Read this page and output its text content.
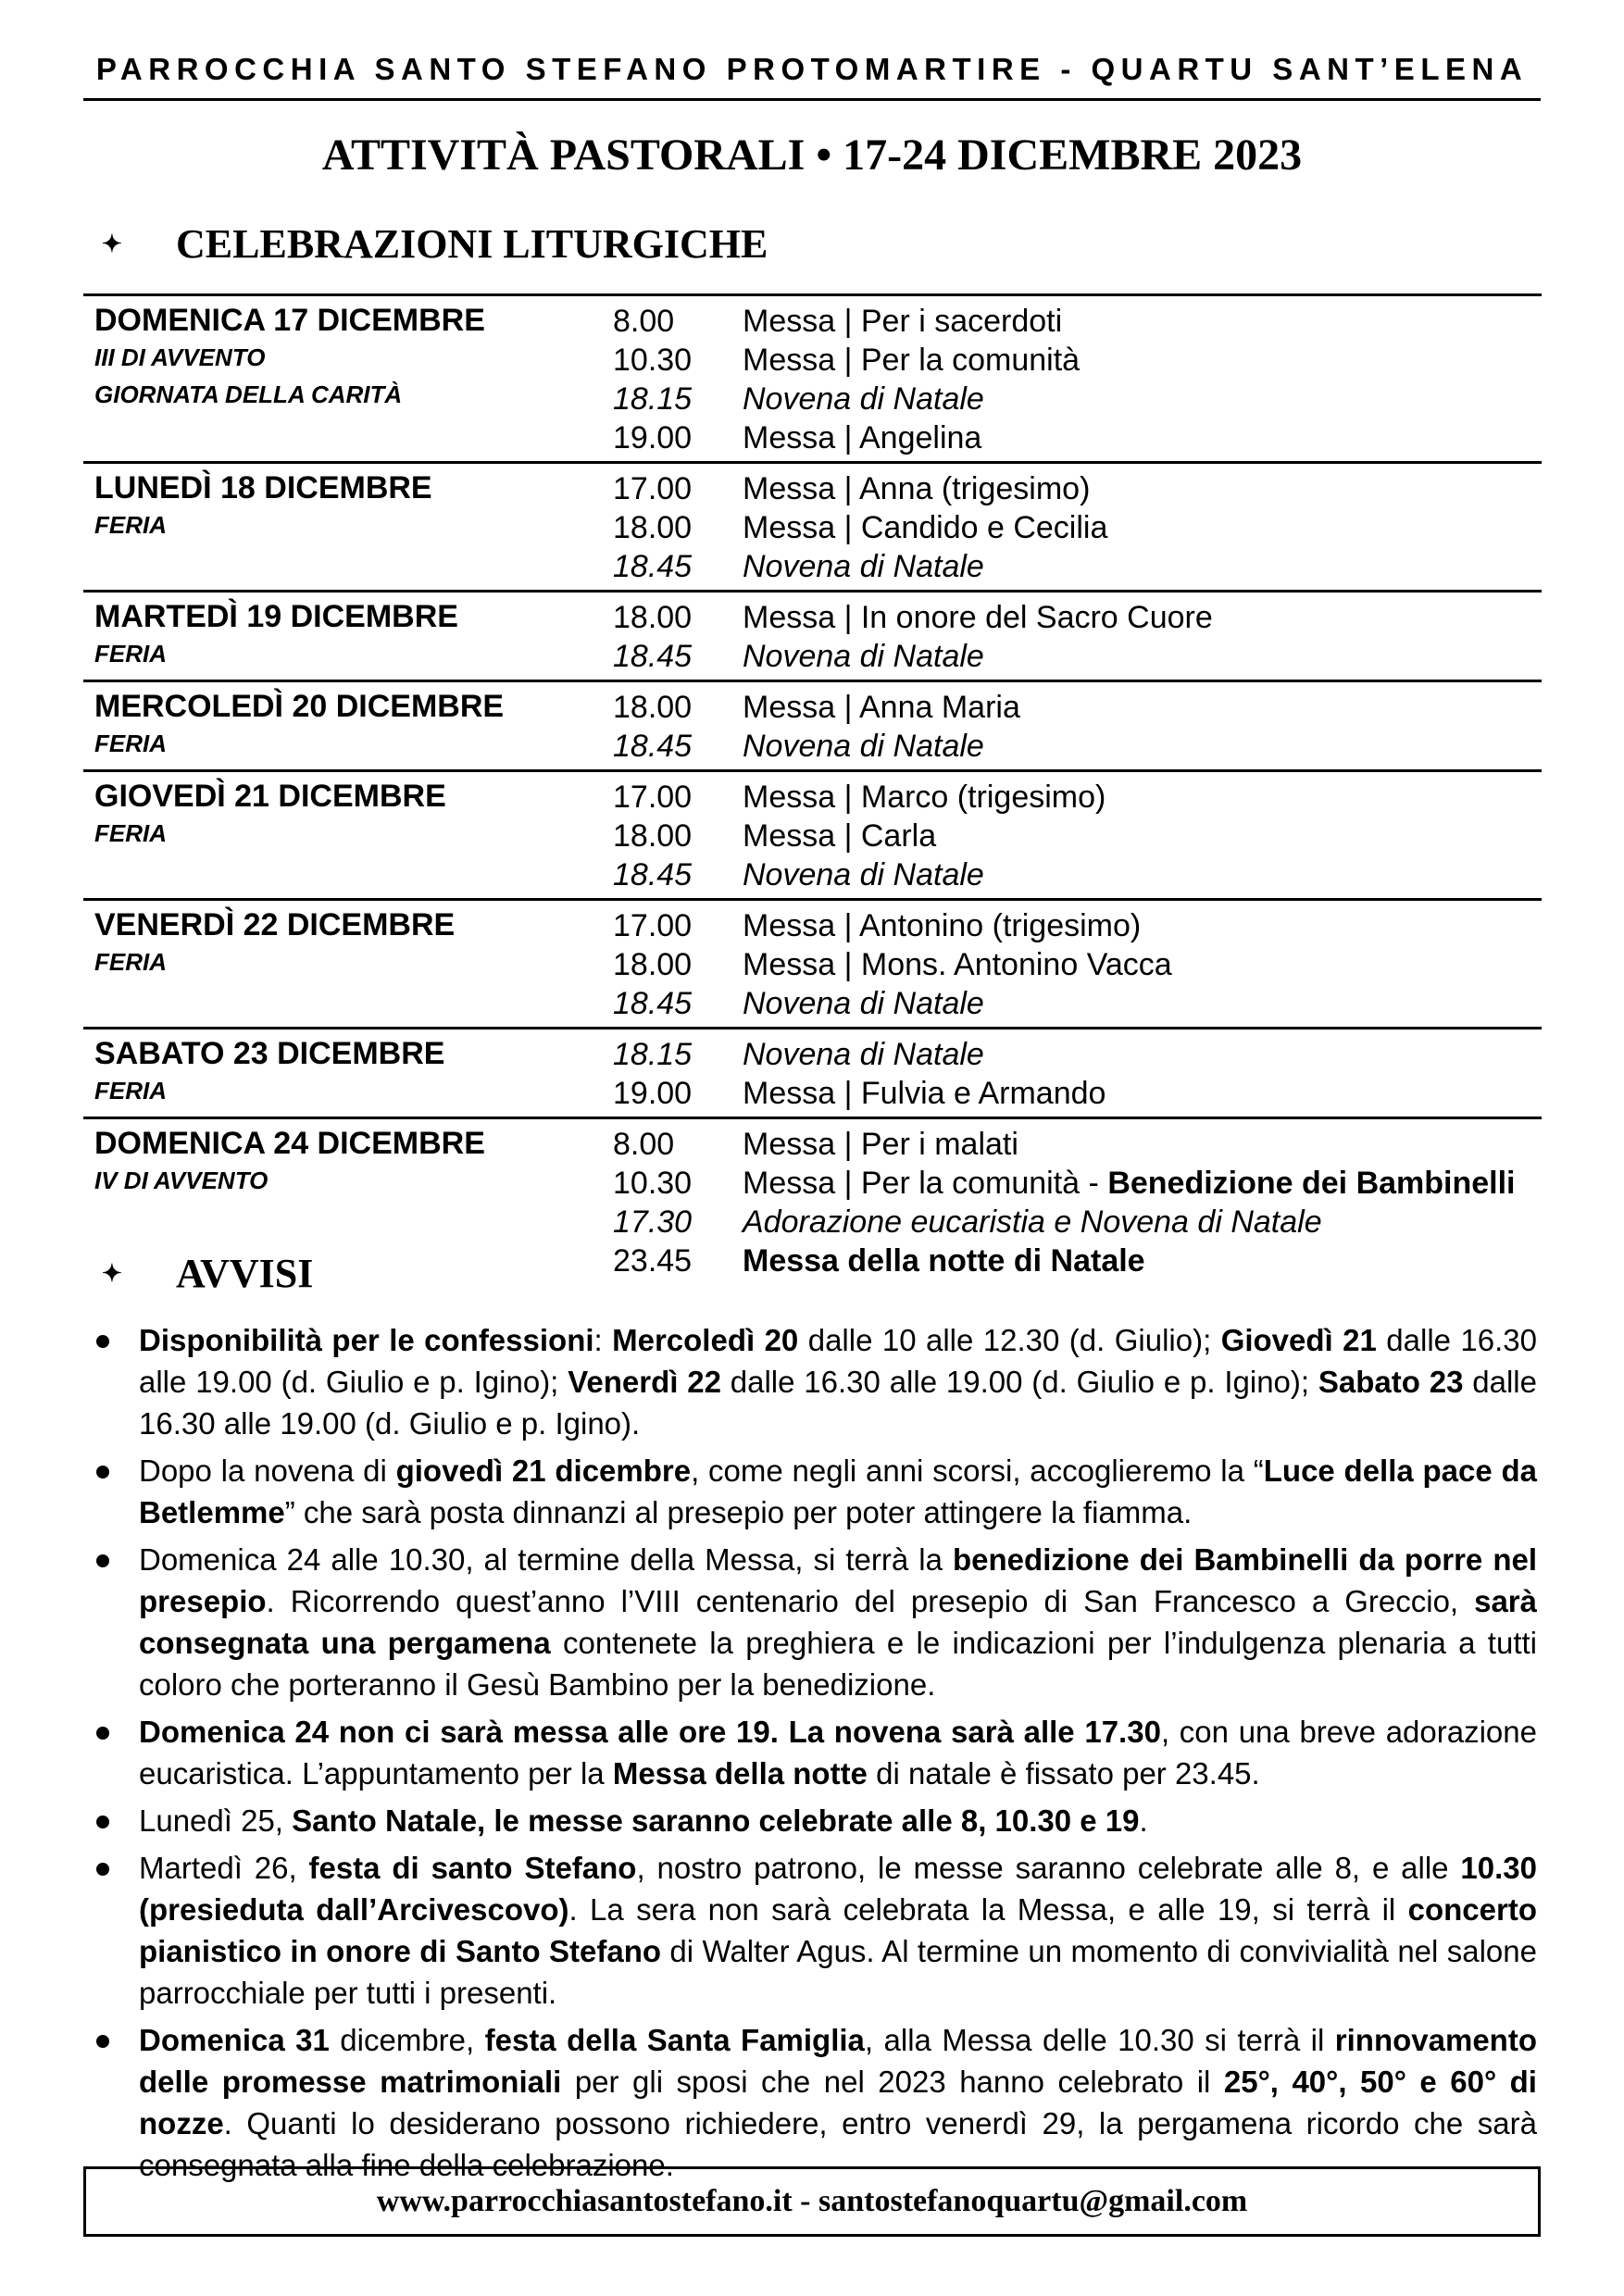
PARROCCHIA SANTO STEFANO PROTOMARTIRE - QUARTU SANT’ELENA
ATTIVITÀ PASTORALI • 17-24 DICEMBRE 2023
✦	CELEBRAZIONI LITURGICHE
DOMENICA 17 DICEMBRE
III DI AVVENTO
GIORNATA DELLA CARITÀ
8.00	Messa | Per i sacerdoti
10.30	Messa | Per la comunità
18.15	Novena di Natale
19.00	Messa | Angelina
LUNEDÌ 18 DICEMBRE
FERIA
17.00	Messa | Anna (trigesimo)
18.00	Messa | Candido e Cecilia
18.45	Novena di Natale
MARTEDÌ 19 DICEMBRE
FERIA
18.00	Messa | In onore del Sacro Cuore
18.45	Novena di Natale
MERCOLEDÌ 20 DICEMBRE
FERIA
18.00	Messa | Anna Maria
18.45	Novena di Natale
GIOVEDÌ 21 DICEMBRE
FERIA
17.00	Messa | Marco (trigesimo)
18.00	Messa | Carla
18.45	Novena di Natale
VENERDÌ 22 DICEMBRE
FERIA
17.00	Messa | Antonino (trigesimo)
18.00	Messa | Mons. Antonino Vacca
18.45	Novena di Natale
SABATO 23 DICEMBRE
FERIA
18.15	Novena di Natale
19.00	Messa | Fulvia e Armando
DOMENICA 24 DICEMBRE
IV DI AVVENTO
8.00	Messa | Per i malati
10.30	Messa | Per la comunità - Benedizione dei Bambinelli
17.30	Adorazione eucaristia e Novena di Natale
23.45	Messa della notte di Natale
✦	AVVISI
Disponibilità per le confessioni: Mercoledì 20 dalle 10 alle 12.30 (d. Giulio); Giovedì 21 dalle 16.30 alle 19.00 (d. Giulio e p. Igino); Venerdì 22 dalle 16.30 alle 19.00 (d. Giulio e p. Igino); Sabato 23 dalle 16.30 alle 19.00 (d. Giulio e p. Igino).
Dopo la novena di giovedì 21 dicembre, come negli anni scorsi, accoglieremo la “Luce della pace da Betlemme” che sarà posta dinnanzi al presepio per poter attingere la fiamma.
Domenica 24 alle 10.30, al termine della Messa, si terrà la benedizione dei Bambinelli da porre nel presepio. Ricorrendo quest’anno l’VIII centenario del presepio di San Francesco a Greccio, sarà consegnata una pergamena contenete la preghiera e le indicazioni per l’indulgenza plenaria a tutti coloro che porteranno il Gesù Bambino per la benedizione.
Domenica 24 non ci sarà messa alle ore 19. La novena sarà alle 17.30, con una breve adorazione eucaristica. L’appuntamento per la Messa della notte di natale è fissato per 23.45.
Lunedì 25, Santo Natale, le messe saranno celebrate alle 8, 10.30 e 19.
Martedì 26, festa di santo Stefano, nostro patrono, le messe saranno celebrate alle 8, e alle 10.30 (presieduta dall’Arcivescovo). La sera non sarà celebrata la Messa, e alle 19, si terrà il concerto pianistico in onore di Santo Stefano di Walter Agus. Al termine un momento di convivialità nel salone parrocchiale per tutti i presenti.
Domenica 31 dicembre, festa della Santa Famiglia, alla Messa delle 10.30 si terrà il rinnovamento delle promesse matrimoniali per gli sposi che nel 2023 hanno celebrato il 25°, 40°, 50° e 60° di nozze. Quanti lo desiderano possono richiedere, entro venerdì 29, la pergamena ricordo che sarà consegnata alla fine della celebrazione.
www.parrocchiasantostefano.it - santostefanoquartu@gmail.com
